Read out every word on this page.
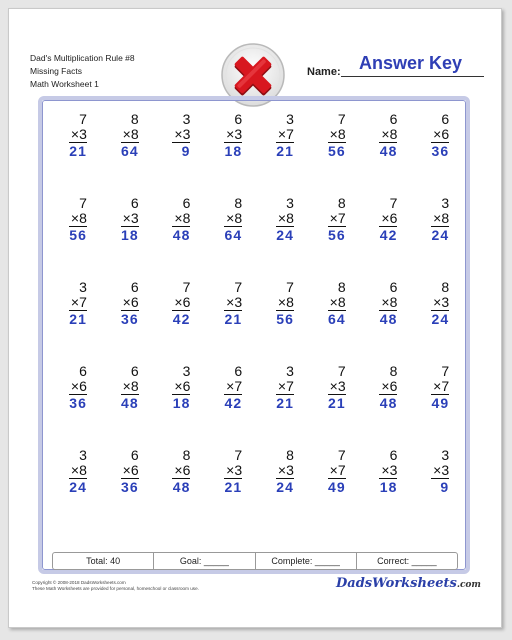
Dad's Multiplication Rule #8
Missing Facts
Math Worksheet 1
Name: Answer Key
7
×3
21
8
×8
64
3
×3
9
6
×3
18
3
×7
21
7
×8
56
6
×8
48
6
×6
36
7
×8
56
6
×3
18
6
×8
48
8
×8
64
3
×8
24
8
×7
56
7
×6
42
3
×8
24
3
×7
21
6
×6
36
7
×6
42
7
×3
21
7
×8
56
8
×8
64
6
×8
48
8
×3
24
6
×6
36
6
×8
48
3
×6
18
6
×7
42
3
×7
21
7
×3
21
8
×6
48
7
×7
49
3
×8
24
6
×6
36
8
×6
48
7
×3
21
8
×3
24
7
×7
49
6
×3
18
3
×3
9
Total: 40	Goal: _____	Complete: _____	Correct: _____
Copyright © 2008-2018 DadsWorksheets.com
These Math Worksheets are provided for personal, homeschool or classroom use.	DadsWorksheets.com
